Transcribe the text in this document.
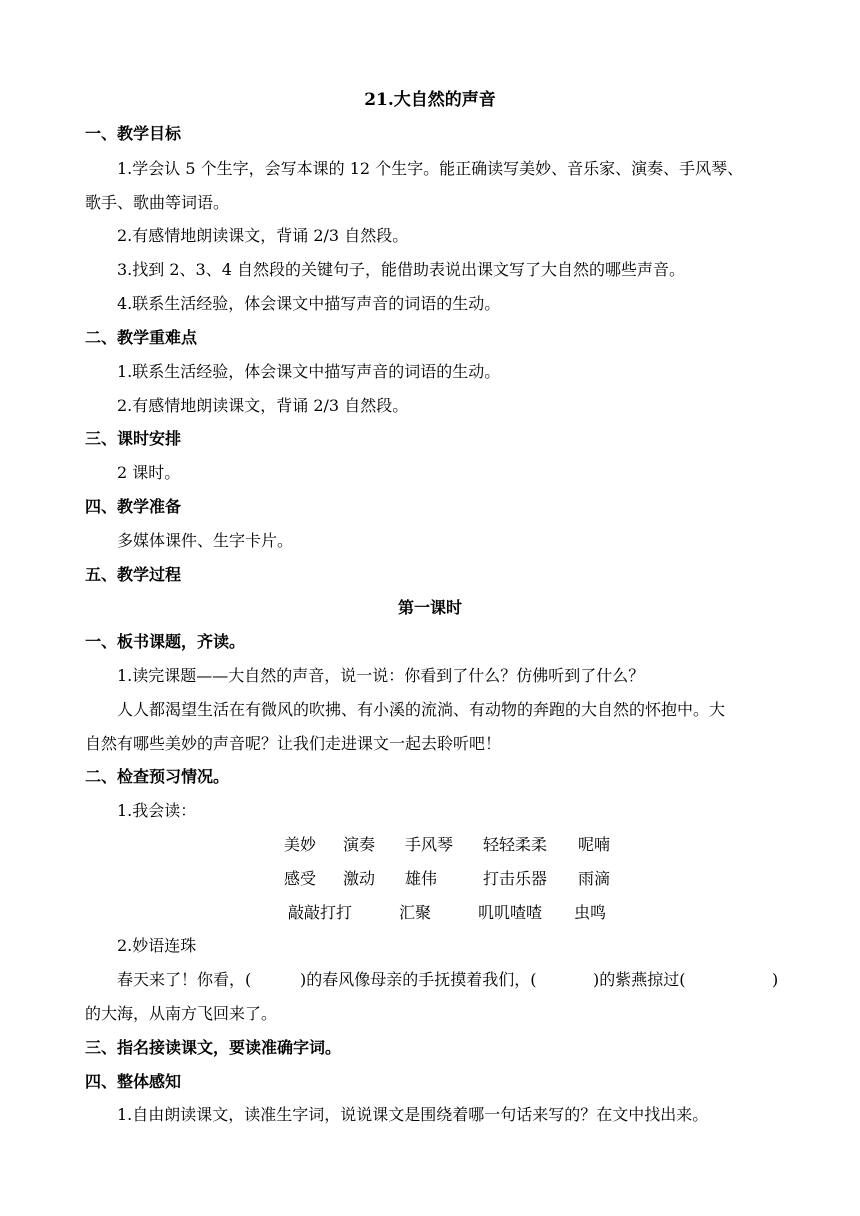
21.大自然的声音
一、教学目标
1.学会认 5 个生字，会写本课的 12 个生字。能正确读写美妙、音乐家、演奏、手风琴、
歌手、歌曲等词语。
2.有感情地朗读课文，背诵 2/3 自然段。
3.找到 2、3、4 自然段的关键句子，能借助表说出课文写了大自然的哪些声音。
4.联系生活经验，体会课文中描写声音的词语的生动。
二、教学重难点
1.联系生活经验，体会课文中描写声音的词语的生动。
2.有感情地朗读课文，背诵 2/3 自然段。
三、课时安排
2 课时。
四、教学准备
多媒体课件、生字卡片。
五、教学过程
第一课时
一、板书课题，齐读。
1.读完课题——大自然的声音，说一说：你看到了什么？仿佛听到了什么？
人人都渴望生活在有微风的吹拂、有小溪的流淌、有动物的奔跑的大自然的怀抱中。大
自然有哪些美妙的声音呢？让我们走进课文一起去聆听吧！
二、检查预习情况。
1.我会读：
美妙 演奏 手风琴 轻轻柔柔 呢喃
感受 激动 雄伟	打击乐器 雨滴
敲敲打打	汇聚	叽叽喳喳 虫鸣
2.妙语连珠
春天来了！你看，(	)的春风像母亲的手抚摸着我们，(	)的紫燕掠过(	)
的大海，从南方飞回来了。
三、指名接读课文，要读准确字词。
四、整体感知
1.自由朗读课文，读准生字词，说说课文是围绕着哪一句话来写的？在文中找出来。
